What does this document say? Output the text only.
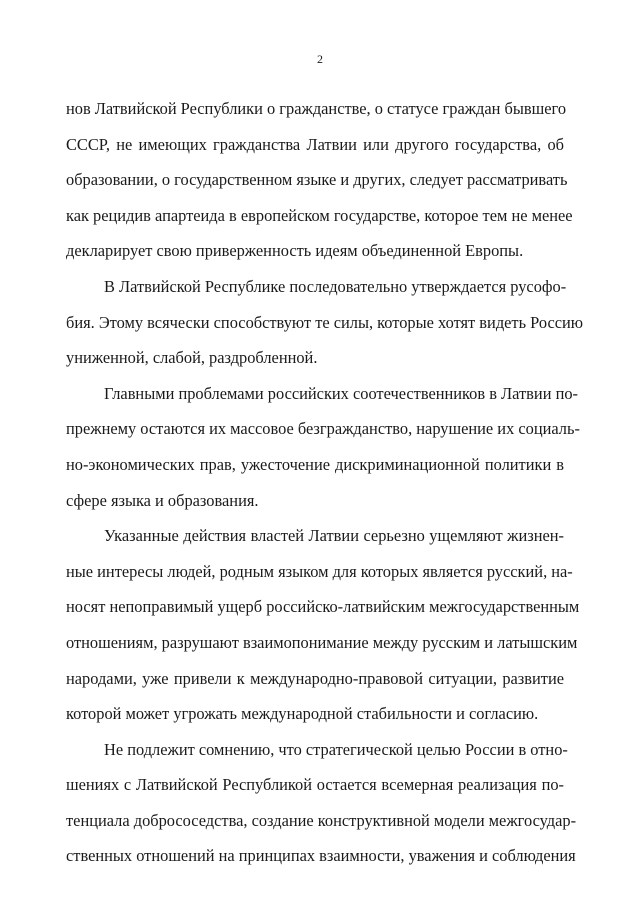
2
нов Латвийской Республики о гражданстве, о статусе граждан бывшего
СССР, не имеющих гражданства Латвии или другого государства, об
образовании, о государственном языке и других, следует рассматривать
как рецидив апартеида в европейском государстве, которое тем не менее
декларирует свою приверженность идеям объединенной Европы.
В Латвийской Республике последовательно утверждается русофо-
бия. Этому всячески способствуют те силы, которые хотят видеть Россию
униженной, слабой, раздробленной.
Главными проблемами российских соотечественников в Латвии по-
прежнему остаются их массовое безгражданство, нарушение их социаль-
но-экономических прав, ужесточение дискриминационной политики в
сфере языка и образования.
Указанные действия властей Латвии серьезно ущемляют жизнен-
ные интересы людей, родным языком для которых является русский, на-
носят непоправимый ущерб российско-латвийским межгосударственным
отношениям, разрушают взаимопонимание между русским и латышским
народами, уже привели к международно-правовой ситуации, развитие
которой может угрожать международной стабильности и согласию.
Не подлежит сомнению, что стратегической целью России в отно-
шениях с Латвийской Республикой остается всемерная реализация по-
тенциала добрососедства, создание конструктивной модели межгосудар-
ственных отношений на принципах взаимности, уважения и соблюдения
